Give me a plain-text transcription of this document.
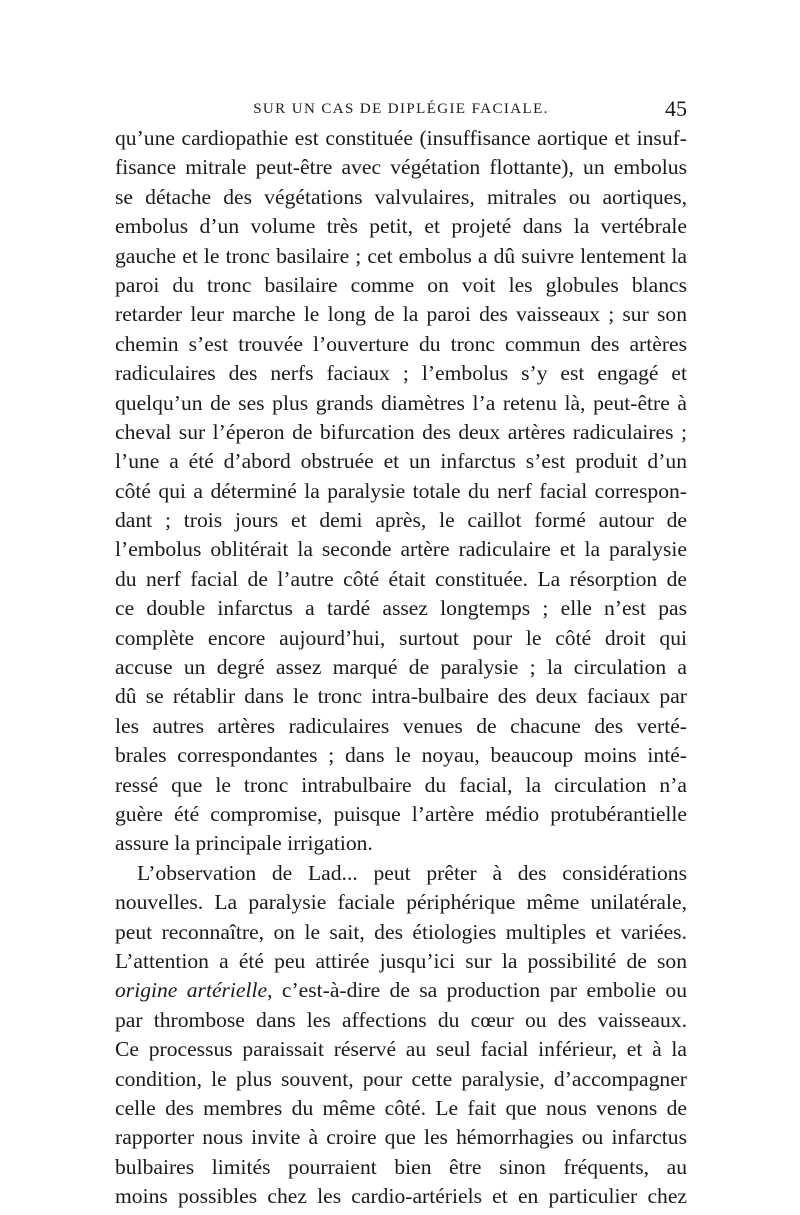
SUR UN CAS DE DIPLÉGIE FACIALE.	45
qu’une cardiopathie est constituée (insuffisance aortique et insuf-
fisance mitrale peut-être avec végétation flottante), un embolus
se détache des végétations valvulaires, mitrales ou aortiques,
embolus d’un volume très petit, et projeté dans la vertébrale
gauche et le tronc basilaire ; cet embolus a dû suivre lentement la
paroi du tronc basilaire comme on voit les globules blancs
retarder leur marche le long de la paroi des vaisseaux ; sur son
chemin s’est trouvée l’ouverture du tronc commun des artères
radiculaires des nerfs faciaux ; l’embolus s’y est engagé et
quelqu’un de ses plus grands diamètres l’a retenu là, peut-être à
cheval sur l’éperon de bifurcation des deux artères radiculaires ;
l’une a été d’abord obstruée et un infarctus s’est produit d’un
côté qui a déterminé la paralysie totale du nerf facial correspon-
dant ; trois jours et demi après, le caillot formé autour de
l’embolus oblitérait la seconde artère radiculaire et la paralysie
du nerf facial de l’autre côté était constituée. La résorption de
ce double infarctus a tardé assez longtemps ; elle n’est pas
complète encore aujourd’hui, surtout pour le côté droit qui
accuse un degré assez marqué de paralysie ; la circulation a
dû se rétablir dans le tronc intra-bulbaire des deux faciaux par
les autres artères radiculaires venues de chacune des verté-
brales correspondantes ; dans le noyau, beaucoup moins inté-
ressé que le tronc intrabulbaire du facial, la circulation n’a
guère été compromise, puisque l’artère médio protubérantielle
assure la principale irrigation.
L’observation de Lad... peut prêter à des considérations
nouvelles. La paralysie faciale périphérique même unilatérale,
peut reconnaître, on le sait, des étiologies multiples et variées.
L’attention a été peu attirée jusqu’ici sur la possibilité de son
origine artérielle, c’est-à-dire de sa production par embolie ou
par thrombose dans les affections du cœur ou des vaisseaux.
Ce processus paraissait réservé au seul facial inférieur, et à la
condition, le plus souvent, pour cette paralysie, d’accompagner
celle des membres du même côté. Le fait que nous venons de
rapporter nous invite à croire que les hémorrhagies ou infarctus
bulbaires limités pourraient bien être sinon fréquents, au
moins possibles chez les cardio-artériels et en particulier chez
